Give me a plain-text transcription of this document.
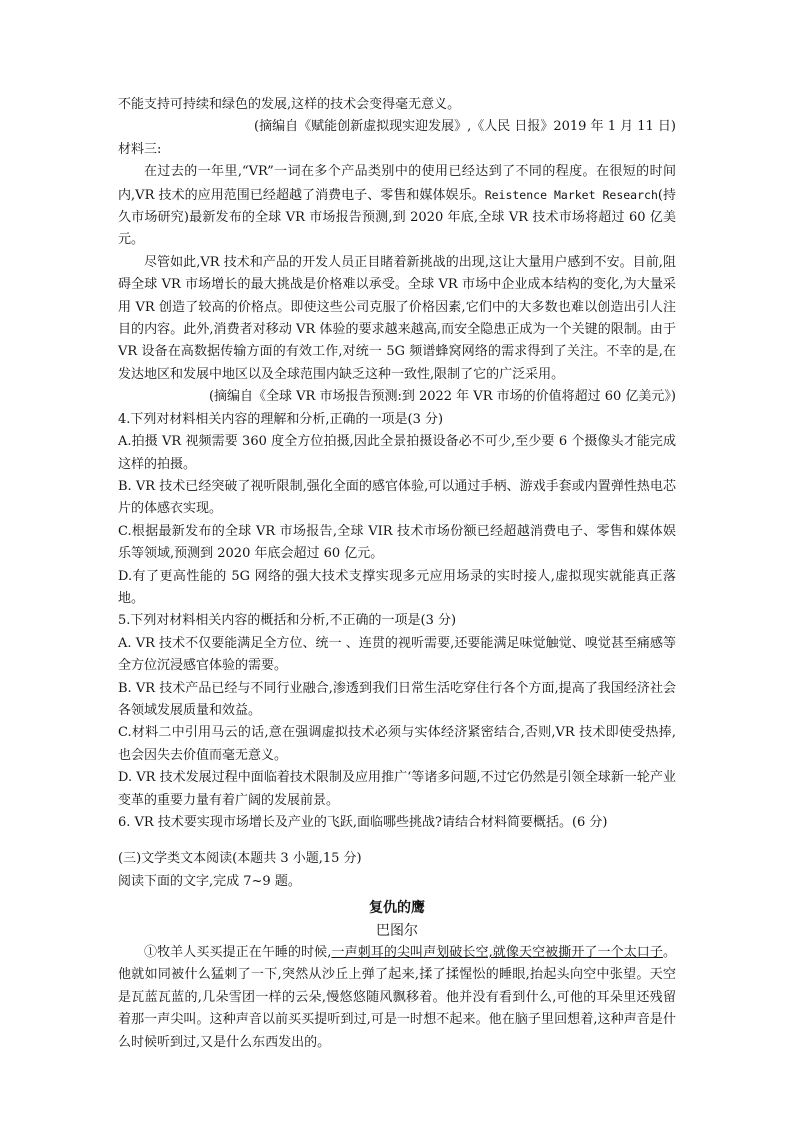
不能支持可持续和绿色的发展,这样的技术会变得毫无意义。

(摘编自《赋能创新虚拟现实迎发展》,《人民 日报》2019 年 1 月 11 日)

材料三:

在过去的一年里,“VR”一词在多个产品类别中的使用已经达到了不同的程度。在很短的时间内,VR 技术的应用范围已经超越了消费电子、零售和媒体娱乐。Reistence Market Research(持久市场研究)最新发布的全球 VR 市场报告预测,到 2020 年底,全球 VR 技术市场将超过 60 亿美元。

尽管如此,VR 技术和产品的开发人员正目睹着新挑战的出现,这让大量用户感到不安。目前,阻碍全球 VR 市场增长的最大挑战是价格难以承受。全球 VR 市场中企业成本结构的变化,为大量采用 VR 创造了较高的价格点。即使这些公司克服了价格因素,它们中的大多数也难以创造出引人注目的内容。此外,消费者对移动 VR 体验的要求越来越高,而安全隐患正成为一个关键的限制。由于 VR 设备在高数据传输方面的有效工作,对统一 5G 频谱蜂窝网络的需求得到了关注。不幸的是,在发达地区和发展中地区以及全球范围内缺乏这种一致性,限制了它的广泛采用。

(摘编自《全球 VR 市场报告预测:到 2022 年 VR 市场的价值将超过 60 亿美元》)

4.下列对材料相关内容的理解和分析,正确的一项是(3 分)

A.拍摄 VR 视频需要 360 度全方位拍摄,因此全景拍摄设备必不可少,至少要 6 个摄像头才能完成这样的拍摄。

B. VR 技术已经突破了视听限制,强化全面的感官体验,可以通过手柄、游戏手套或内置弹性热电芯片的体感衣实现。

C.根据最新发布的全球 VR 市场报告,全球 VIR 技术市场份额已经超越消费电子、零售和媒体娱乐等领域,预测到 2020 年底会超过 60 亿元。

D.有了更高性能的 5G 网络的强大技术支撑实现多元应用场录的实时接人,虚拟现实就能真正落地。

5.下列对材料相关内容的概括和分析,不正确的一项是(3 分)

A. VR 技术不仅要能满足全方位、统一 、连贯的视听需要,还要能满足味觉触觉、嗅觉甚至痛感等全方位沉浸感官体验的需要。

B. VR 技术产品已经与不同行业融合,渗透到我们日常生活吃穿住行各个方面,提高了我国经济社会各领域发展质量和效益。

C.材料二中引用马云的话,意在强调虚拟技术必须与实体经济紧密结合,否则,VR 技术即使受热捧,也会因失去价值而毫无意义。

D. VR 技术发展过程中面临着技术限制及应用推广‘等诸多问题,不过它仍然是引领全球新一轮产业变革的重要力量有着广阔的发展前景。

6. VR 技术要实现市场增长及产业的飞跃,面临哪些挑战?请结合材料简要概括。(6 分)

(三)文学类文本阅读(本题共 3 小题,15 分)

阅读下面的文字,完成 7~9 题。

复仇的鹰

巴图尔

①牧羊人买买提正在午睡的时候,一声刺耳的尖叫声划破长空,就像天空被撕开了一个太口子。他就如同被什么猛刺了一下,突然从沙丘上弹了起来,揉了揉惺忪的睡眼,抬起头向空中张望。天空是瓦蓝瓦蓝的,几朵雪团一样的云朵,慢悠悠随风飘移着。他并没有看到什么,可他的耳朵里还残留着那一声尖叫。这种声音以前买买提听到过,可是一时想不起来。他在脑子里回想着,这种声音是什么时候听到过,又是什么东西发出的。
